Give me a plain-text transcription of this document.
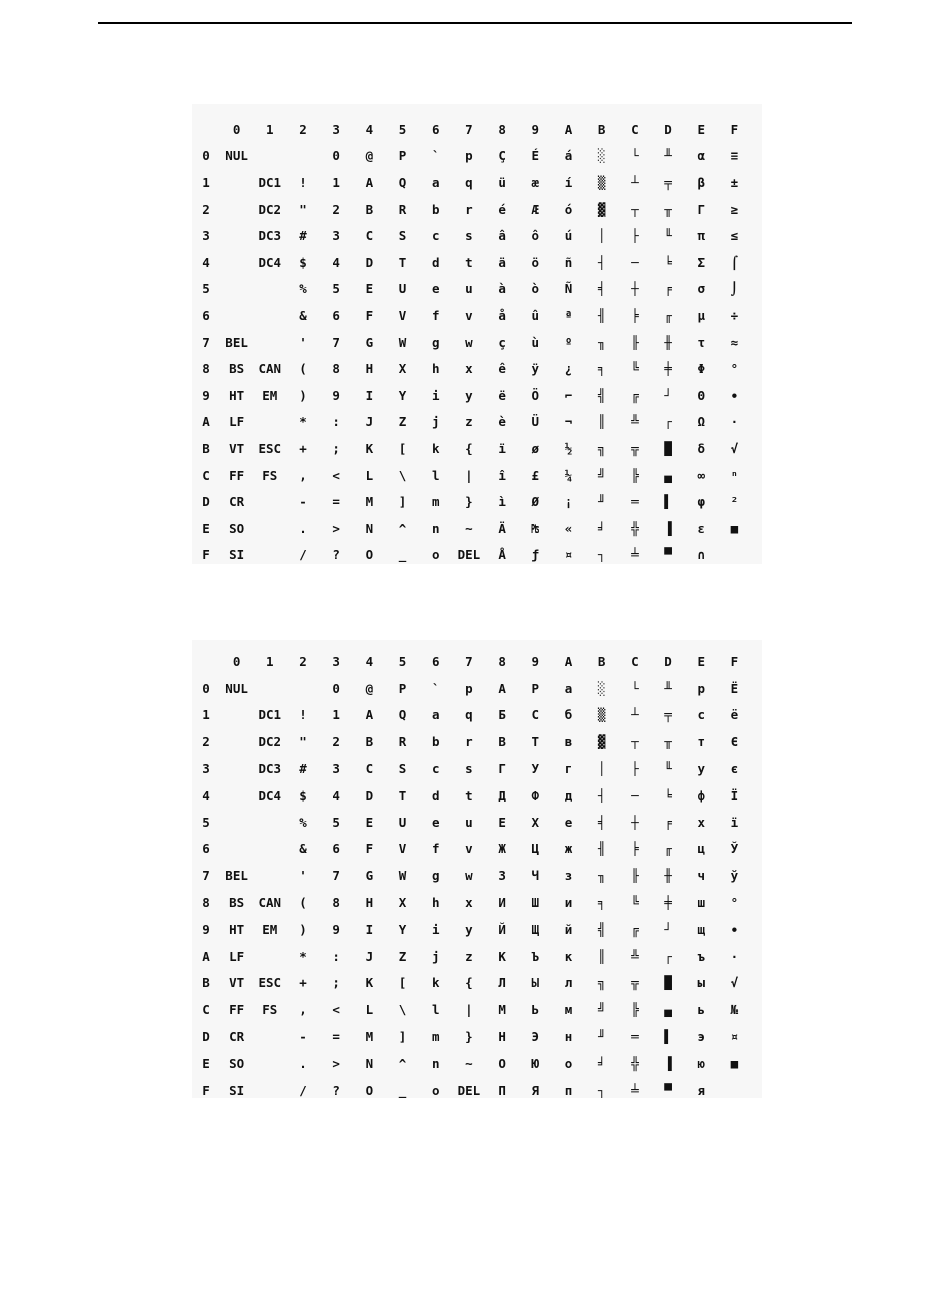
	0	1	2	3	4	5	6	7	8	9	A	B	C	D	E	F
0	NUL			0	@	P	`	p	Ç	É	á	░	└	╨	α	≡
1		DC1	!	1	A	Q	a	q	ü	æ	í	▒	┴	╤	β	±
2		DC2	"	2	B	R	b	r	é	Æ	ó	▓	┬	╥	Γ	≥
3		DC3	#	3	C	S	c	s	â	ô	ú	│	├	╙	π	≤
4		DC4	$	4	D	T	d	t	ä	ö	ñ	┤	─	╘	Σ	⌠
5			%	5	E	U	e	u	à	ò	Ñ	╡	┼	╒	σ	⌡
6			&	6	F	V	f	v	å	û	ª	╢	╞	╓	µ	÷
7	BEL		'	7	G	W	g	w	ç	ù	º	╖	╟	╫	τ	≈
8	BS	CAN	(	8	H	X	h	x	ê	ÿ	¿	╕	╚	╪	Φ	°
9	HT	EM	)	9	I	Y	i	y	ë	Ö	⌐	╣	╔	┘	Θ	∙
A	LF		*	:	J	Z	j	z	è	Ü	¬	║	╩	┌	Ω	·
B	VT	ESC	+	;	K	[	k	{	ï	ø	½	╗	╦	█	δ	√
C	FF	FS	,	<	L	\	l	|	î	£	¼	╝	╠	▄	∞	ⁿ
D	CR		-	=	M	]	m	}	ì	Ø	¡	╜	═	▌	φ	²
E	SO		.	>	N	^	n	~	Ä	₧	«	╛	╬	▐	ε	■
F	SI		/	?	O	_	o	DEL	Å	ƒ	¤	┐	╧	▀	∩	
	0	1	2	3	4	5	6	7	8	9	A	B	C	D	E	F
0	NUL			0	@	P	`	p	А	Р	а	░	└	╨	р	Ё
1		DC1	!	1	A	Q	a	q	Б	С	б	▒	┴	╤	с	ё
2		DC2	"	2	B	R	b	r	В	Т	в	▓	┬	╥	т	Є
3		DC3	#	3	C	S	c	s	Г	У	г	│	├	╙	у	є
4		DC4	$	4	D	T	d	t	Д	Ф	д	┤	─	╘	ф	Ї
5			%	5	E	U	e	u	Е	Х	е	╡	┼	╒	х	ї
6			&	6	F	V	f	v	Ж	Ц	ж	╢	╞	╓	ц	Ў
7	BEL		'	7	G	W	g	w	З	Ч	з	╖	╟	╫	ч	ў
8	BS	CAN	(	8	H	X	h	x	И	Ш	и	╕	╚	╪	ш	°
9	HT	EM	)	9	I	Y	i	y	Й	Щ	й	╣	╔	┘	щ	∙
A	LF		*	:	J	Z	j	z	К	Ъ	к	║	╩	┌	ъ	·
B	VT	ESC	+	;	K	[	k	{	Л	Ы	л	╗	╦	█	ы	√
C	FF	FS	,	<	L	\	l	|	М	Ь	м	╝	╠	▄	ь	№
D	CR		-	=	M	]	m	}	Н	Э	н	╜	═	▌	э	¤
E	SO		.	>	N	^	n	~	О	Ю	о	╛	╬	▐	ю	■
F	SI		/	?	O	_	o	DEL	П	Я	п	┐	╧	▀	я	
